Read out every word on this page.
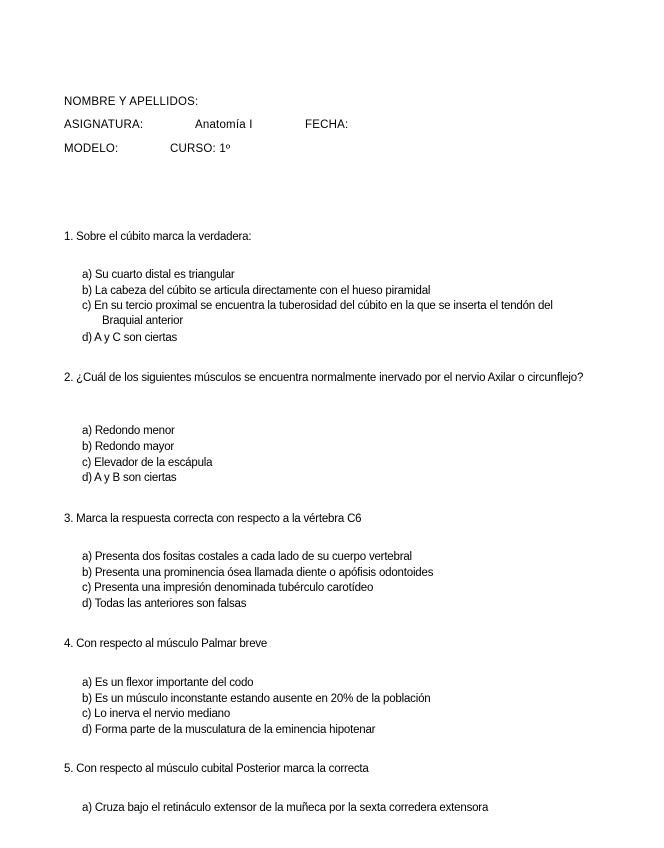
NOMBRE Y APELLIDOS:
ASIGNATURA:	Anatomía I	FECHA:
MODELO:	CURSO: 1º
1. Sobre el cúbito marca la verdadera:
a) Su cuarto distal es triangular
b) La cabeza del cúbito se articula directamente con el hueso piramidal
c) En su tercio proximal se encuentra la tuberosidad del cúbito en la que se inserta el tendón del Braquial anterior
d) A y C son ciertas
2. ¿Cuál de los siguientes músculos se encuentra normalmente inervado por el nervio Axilar o circunflejo?
a) Redondo menor
b) Redondo mayor
c) Elevador de la escápula
d) A y B son ciertas
3. Marca la respuesta correcta con respecto a la vértebra C6
a) Presenta dos fositas costales a cada lado de su cuerpo vertebral
b) Presenta una prominencia ósea llamada diente o apófisis odontoides
c) Presenta una impresión denominada tubérculo carotídeo
d) Todas las anteriores son falsas
4. Con respecto al músculo Palmar breve
a) Es un flexor importante del codo
b) Es un músculo inconstante estando ausente en 20% de la población
c) Lo inerva el nervio mediano
d) Forma parte de la musculatura de la eminencia hipotenar
5. Con respecto al músculo cubital Posterior marca la correcta
a) Cruza bajo el retináculo extensor de la muñeca por la sexta corredera extensora
